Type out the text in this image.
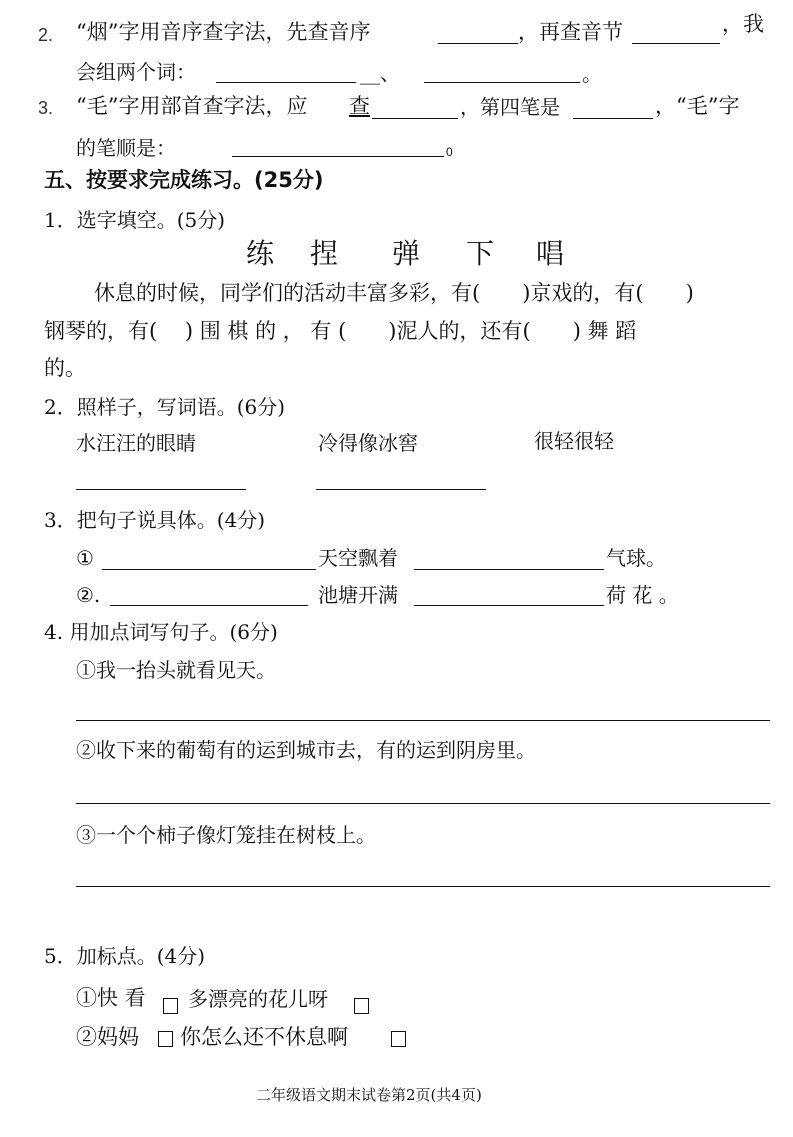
2. “烟”字用音序查字法，先查音序	，再查音节	，我
会组两个词：	__、	。
3. “毛”字用部首查字法，应 查	，第四笔是	，“毛”字
的笔顺是：	0
五、按要求完成练习。(25分)
1．选字填空。(5分)
练 捏 弹 下 唱
休息的时候，同学们的活动丰富多彩，有(　　)京戏的，有(　　)
钢琴的，有(　 ) 围 棋 的 ， 有 (　　)泥人的，还有(　　) 舞 蹈
的。
2．照样子，写词语。(6分)
水汪汪的眼睛	冷得像冰窖	很轻很轻
3．把句子说具体。(4分)
①	天空飘着	气球。
②.	池塘开满	荷 花 。
4. 用加点词写句子。(6分)
①我一抬头就看见天。
②收下来的葡萄有的运到城市去，有的运到阴房里。
③一个个柿子像灯笼挂在树枝上。
5．加标点。(4分)
①快 看 多漂亮的花儿呀
②妈妈 你怎么还不休息啊
二年级语文期末试卷第2页(共4页)
